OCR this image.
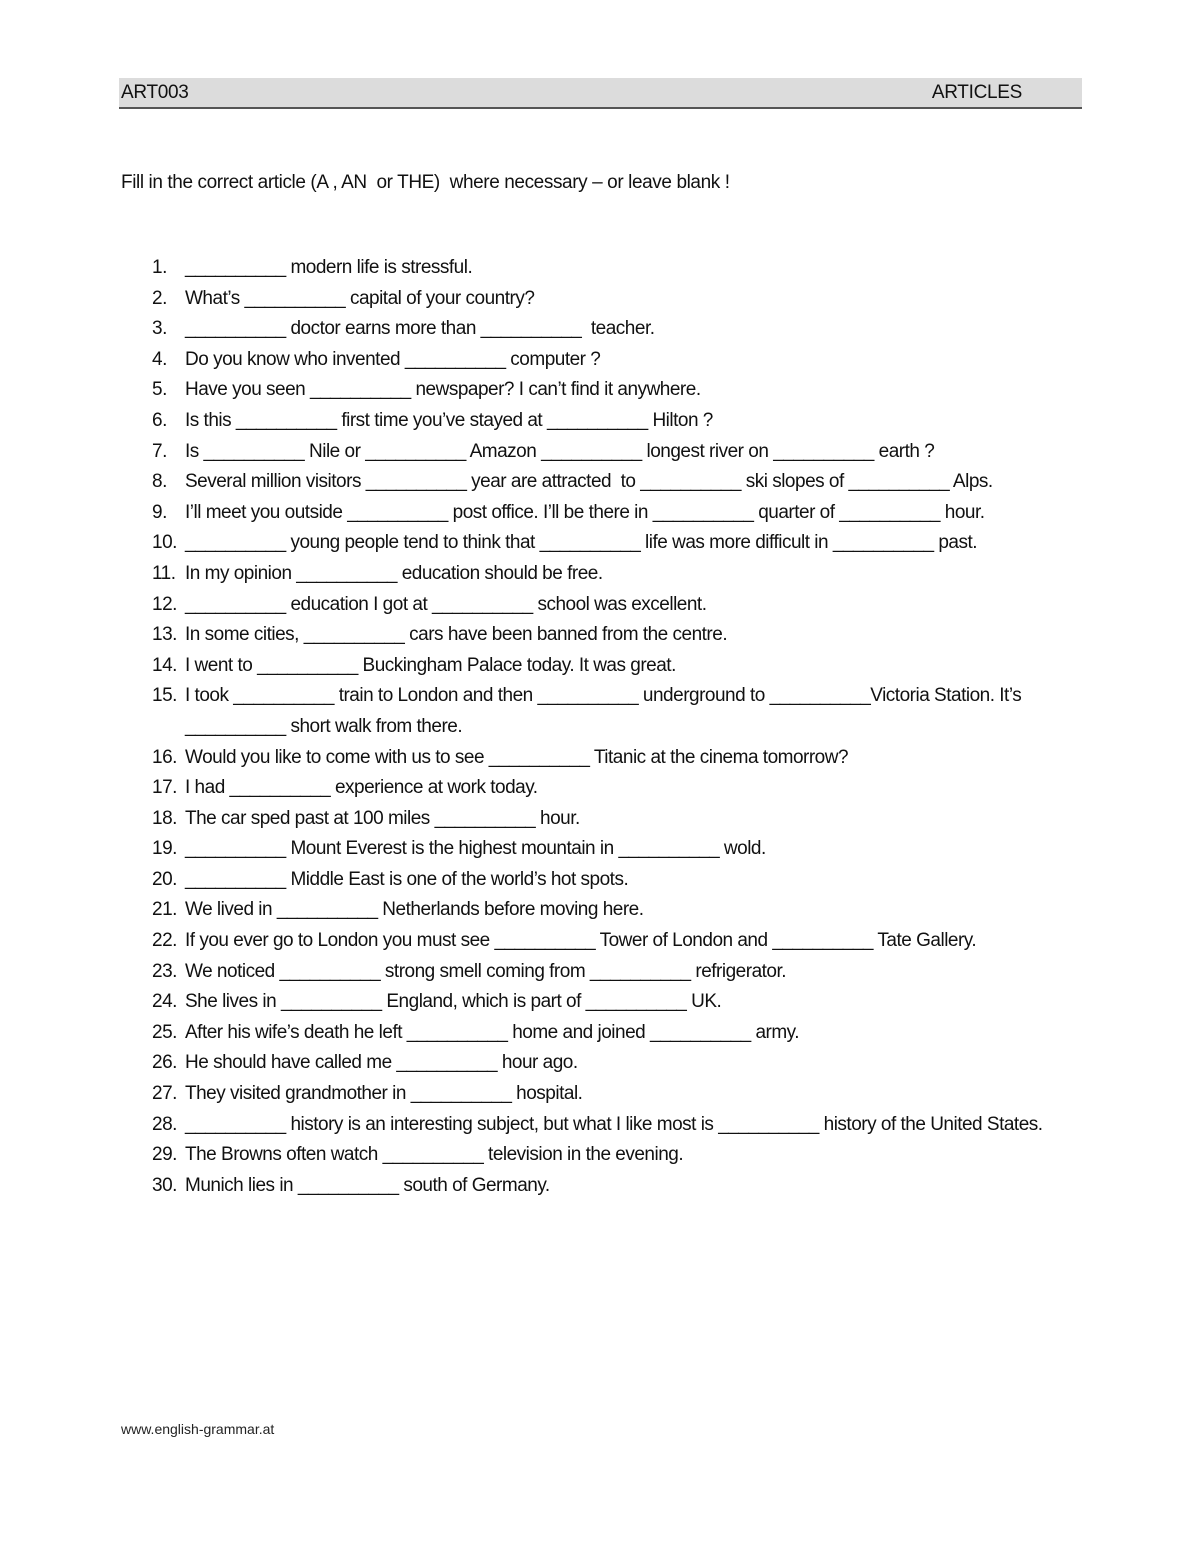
ART003	ARTICLES
Fill in the correct article (A , AN  or THE)  where necessary – or leave blank !
1. __________ modern life is stressful.
2. What’s __________ capital of your country?
3. __________ doctor earns more than __________  teacher.
4. Do you know who invented __________ computer ?
5. Have you seen __________ newspaper? I can’t find it anywhere.
6. Is this __________ first time you’ve stayed at __________ Hilton ?
7. Is __________ Nile or __________ Amazon __________ longest river on __________ earth ?
8. Several million visitors __________ year are attracted  to __________ ski slopes of __________ Alps.
9. I’ll meet you outside __________ post office. I’ll be there in __________ quarter of __________ hour.
10. __________ young people tend to think that __________ life was more difficult in __________ past.
11. In my opinion __________ education should be free.
12. __________ education I got at __________ school was excellent.
13. In some cities, __________ cars have been banned from the centre.
14. I went to __________ Buckingham Palace today. It was great.
15. I took __________ train to London and then __________ underground to __________Victoria Station. It’s __________ short walk from there.
16. Would you like to come with us to see __________ Titanic at the cinema tomorrow?
17. I had __________ experience at work today.
18. The car sped past at 100 miles __________ hour.
19. __________ Mount Everest is the highest mountain in __________ wold.
20. __________ Middle East is one of the world’s hot spots.
21. We lived in __________ Netherlands before moving here.
22. If you ever go to London you must see __________ Tower of London and __________ Tate Gallery.
23. We noticed __________ strong smell coming from __________ refrigerator.
24. She lives in __________ England, which is part of __________ UK.
25. After his wife’s death he left __________ home and joined __________ army.
26. He should have called me __________ hour ago.
27. They visited grandmother in __________ hospital.
28. __________ history is an interesting subject, but what I like most is __________ history of the United States.
29. The Browns often watch __________ television in the evening.
30. Munich lies in __________ south of Germany.
www.english-grammar.at
